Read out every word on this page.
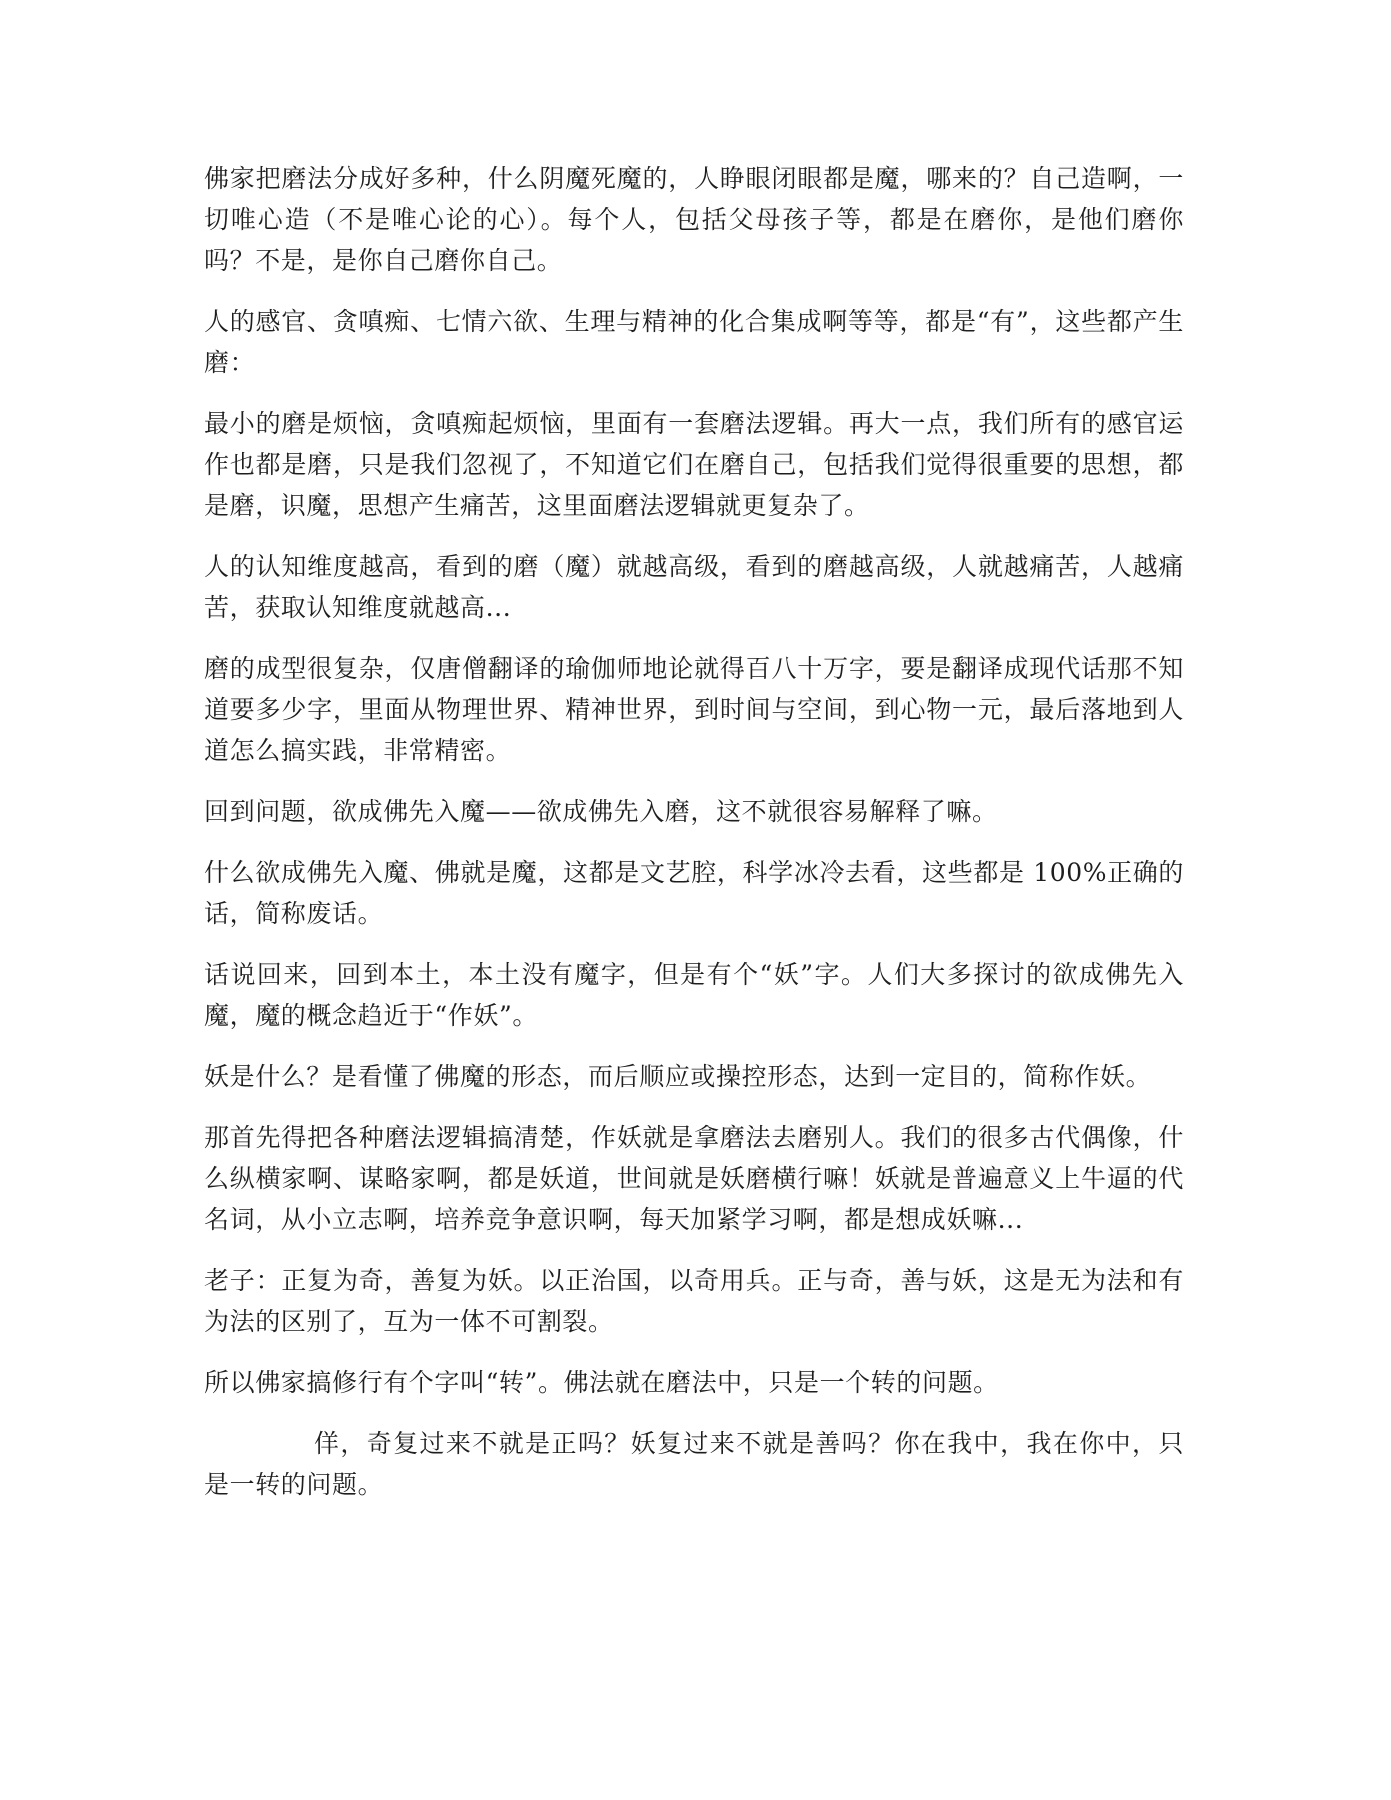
佛家把磨法分成好多种，什么阴魔死魔的，人睁眼闭眼都是魔，哪来的？自己造啊，一切唯心造（不是唯心论的心）。每个人，包括父母孩子等，都是在磨你，是他们磨你吗？不是，是你自己磨你自己。

人的感官、贪嗔痴、七情六欲、生理与精神的化合集成啊等等，都是“有”，这些都产生磨：

最小的磨是烦恼，贪嗔痴起烦恼，里面有一套磨法逻辑。再大一点，我们所有的感官运作也都是磨，只是我们忽视了，不知道它们在磨自己，包括我们觉得很重要的思想，都是磨，识魔，思想产生痛苦，这里面磨法逻辑就更复杂了。

人的认知维度越高，看到的磨（魔）就越高级，看到的磨越高级，人就越痛苦，人越痛苦，获取认知维度就越高...

磨的成型很复杂，仅唐僧翻译的瑜伽师地论就得百八十万字，要是翻译成现代话那不知道要多少字，里面从物理世界、精神世界，到时间与空间，到心物一元，最后落地到人道怎么搞实践，非常精密。

回到问题，欲成佛先入魔——欲成佛先入磨，这不就很容易解释了嘛。

什么欲成佛先入魔、佛就是魔，这都是文艺腔，科学冰冷去看，这些都是 100%正确的话，简称废话。

话说回来，回到本土，本土没有魔字，但是有个“妖”字。人们大多探讨的欲成佛先入魔，魔的概念趋近于“作妖”。

妖是什么？是看懂了佛魔的形态，而后顺应或操控形态，达到一定目的，简称作妖。

那首先得把各种磨法逻辑搞清楚，作妖就是拿磨法去磨别人。我们的很多古代偶像，什么纵横家啊、谋略家啊，都是妖道，世间就是妖磨横行嘛！妖就是普遍意义上牛逼的代名词，从小立志啊，培养竞争意识啊，每天加紧学习啊，都是想成妖嘛...

老子：正复为奇，善复为妖。以正治国，以奇用兵。正与奇，善与妖，这是无为法和有为法的区别了，互为一体不可割裂。

所以佛家搞修行有个字叫“转”。佛法就在磨法中，只是一个转的问题。

佯，奇复过来不就是正吗？妖复过来不就是善吗？你在我中，我在你中，只是一转的问题。
